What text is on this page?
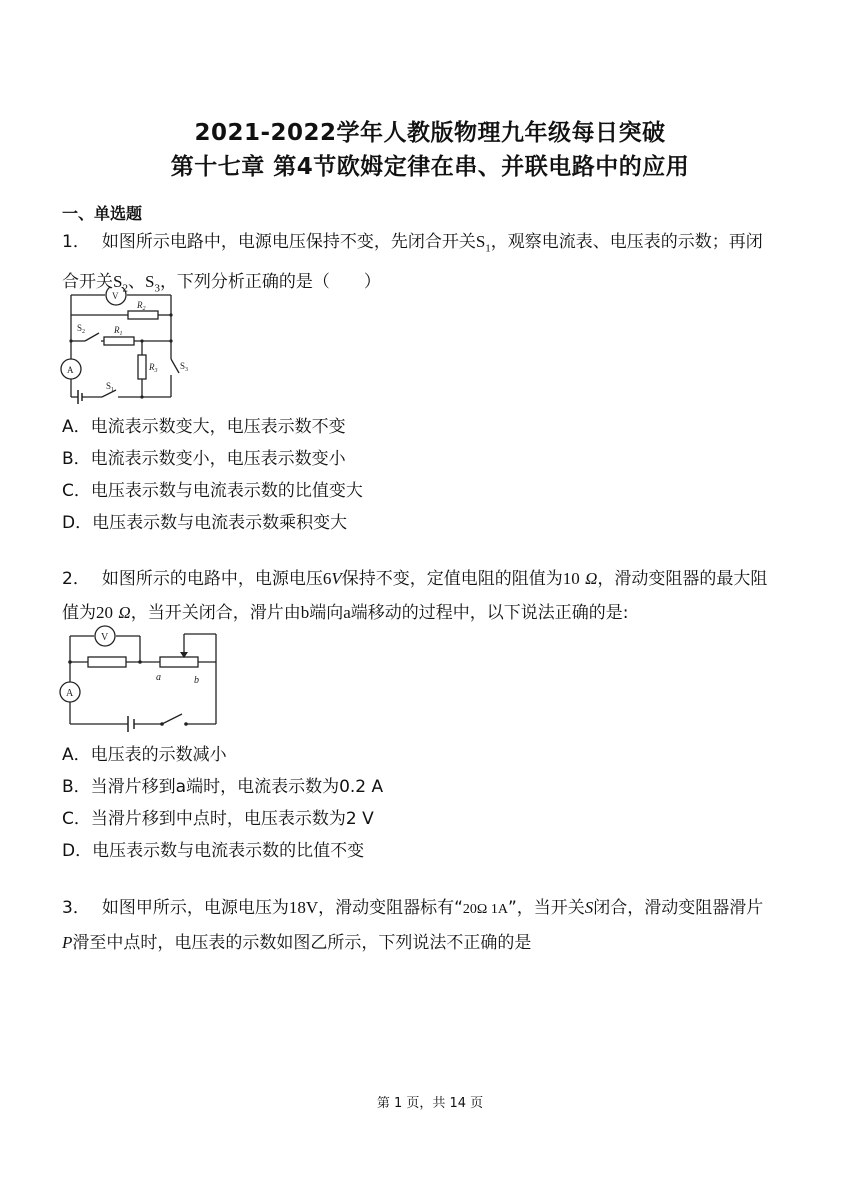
2021-2022学年人教版物理九年级每日突破
第十七章 第4节欧姆定律在串、并联电路中的应用
一、单选题
1． 如图所示电路中，电源电压保持不变，先闭合开关$S_1$，观察电流表、电压表的示数；再闭
合开关$S_2$、$S_3$，下列分析正确的是（　　）
V
A
$R_2$
$R_1$
$R_3$
$S_2$
$S_3$
$S_1$
A．电流表示数变大，电压表示数不变
B．电流表示数变小，电压表示数变小
C．电压表示数与电流表示数的比值变大
D．电压表示数与电流表示数乘积变大
2． 如图所示的电路中，电源电压6V保持不变，定值电阻的阻值为10 Ω，滑动变阻器的最大阻
值为20 Ω，当开关闭合，滑片由b端向a端移动的过程中，以下说法正确的是:
V
A
a	b
A．电压表的示数减小
B．当滑片移到a端时，电流表示数为0.2 A
C．当滑片移到中点时，电压表示数为2 V
D．电压表示数与电流表示数的比值不变
3． 如图甲所示，电源电压为18V，滑动变阻器标有“20Ω 1A”，当开关S闭合，滑动变阻器滑片
P滑至中点时，电压表的示数如图乙所示，下列说法不正确的是
第 1 页，共 14 页
